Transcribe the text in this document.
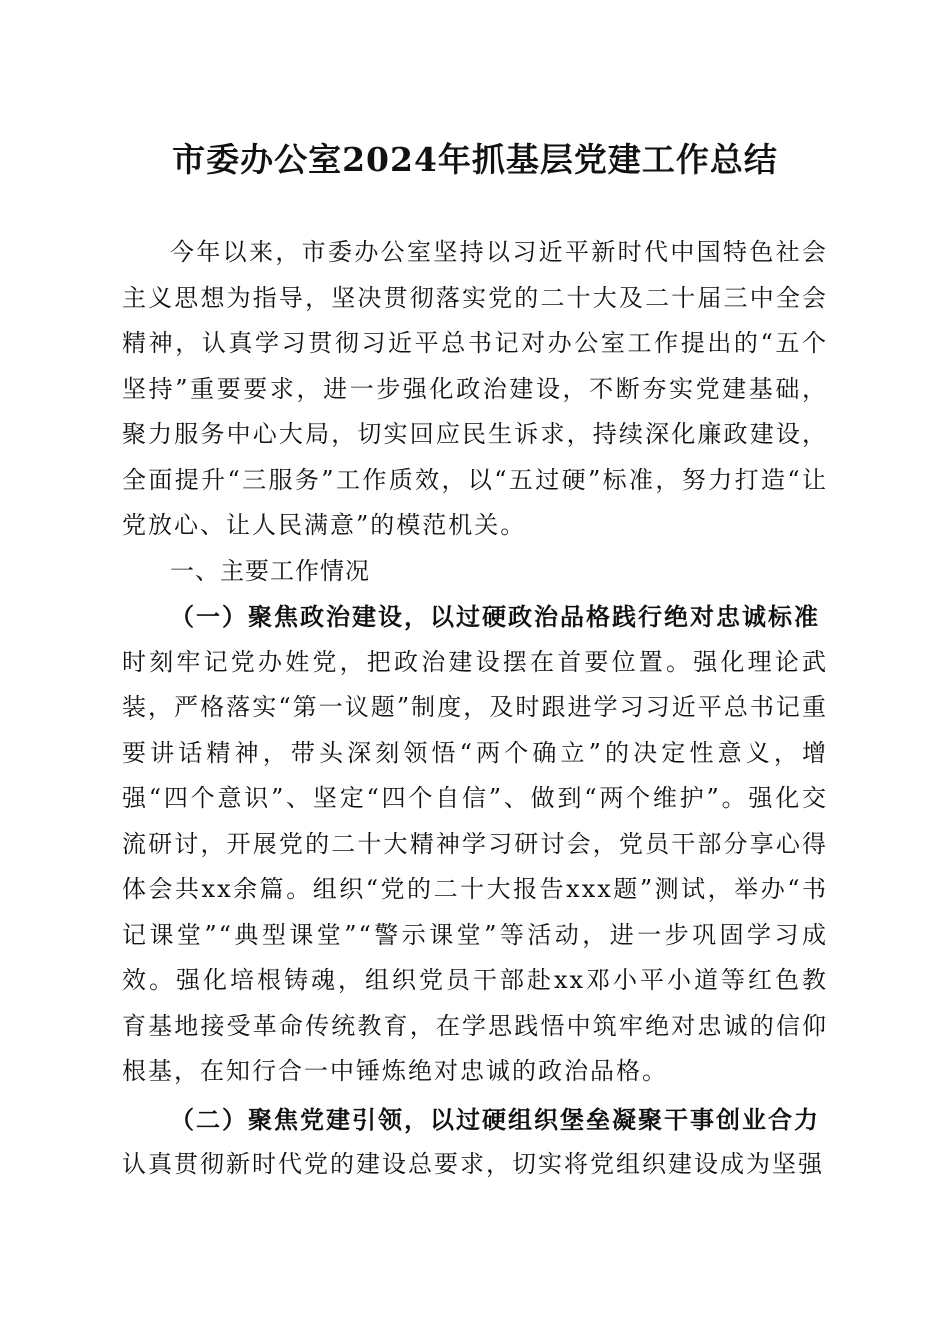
市委办公室2024年抓基层党建工作总结

今年以来，市委办公室坚持以习近平新时代中国特色社会主义思想为指导，坚决贯彻落实党的二十大及二十届三中全会精神，认真学习贯彻习近平总书记对办公室工作提出的“五个坚持”重要要求，进一步强化政治建设，不断夯实党建基础，聚力服务中心大局，切实回应民生诉求，持续深化廉政建设，全面提升“三服务”工作质效，以“五过硬”标准，努力打造“让党放心、让人民满意”的模范机关。

一、主要工作情况

（一）聚焦政治建设，以过硬政治品格践行绝对忠诚标准

时刻牢记党办姓党，把政治建设摆在首要位置。强化理论武装，严格落实“第一议题”制度，及时跟进学习习近平总书记重要讲话精神，带头深刻领悟“两个确立”的决定性意义，增强“四个意识”、坚定“四个自信”、做到“两个维护”。强化交流研讨，开展党的二十大精神学习研讨会，党员干部分享心得体会共xx余篇。组织“党的二十大报告xxx题”测试，举办“书记课堂”“典型课堂”“警示课堂”等活动，进一步巩固学习成效。强化培根铸魂，组织党员干部赴xx邓小平小道等红色教育基地接受革命传统教育，在学思践悟中筑牢绝对忠诚的信仰根基，在知行合一中锤炼绝对忠诚的政治品格。

（二）聚焦党建引领，以过硬组织堡垒凝聚干事创业合力

认真贯彻新时代党的建设总要求，切实将党组织建设成为坚强
